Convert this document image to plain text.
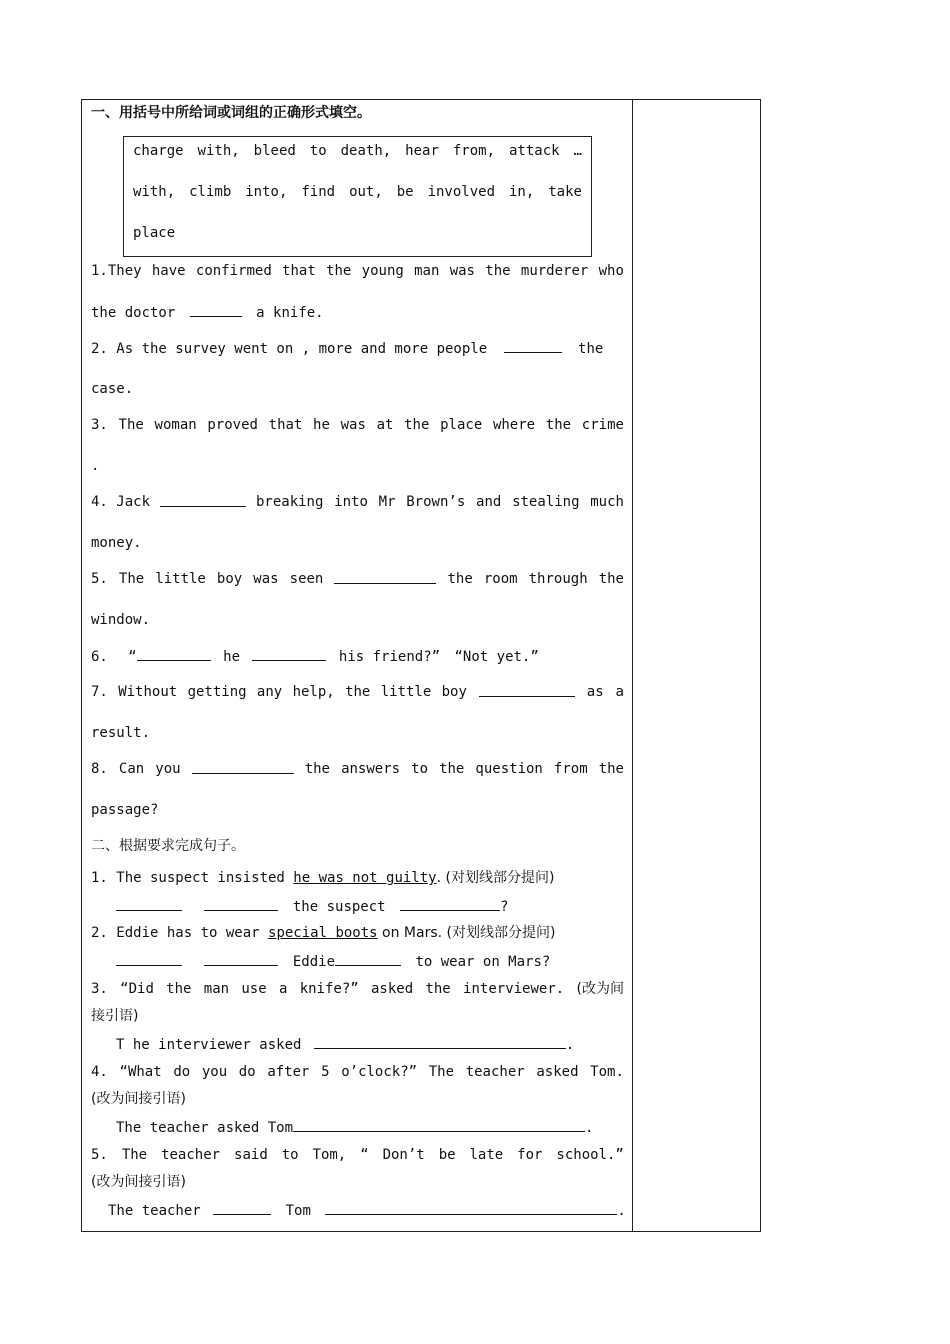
charge with, bleed to death, hear from, attack …
with, climb into, find out, be involved in, take
place
一、用括号中所给词或词组的正确形式填空。
1.They have confirmed that the young man was the murderer who
the doctor	a knife.
2. As the survey went on , more and more people	the
case.
3. The woman proved that he was at the place where the crime
.
4. Jack	breaking into Mr Brown’s and stealing much
money.
5. The little boy was seen	the room through the
window.
6. “	he	his friend?” “Not yet.”
7. Without getting any help, the little boy	as a
result.
8. Can you	the answers to the question from the
passage?
二、根据要求完成句子。
1. The suspect insisted he was not guilty. (对划线部分提问)
the suspect	?
2. Eddie has to wear special boots on Mars. (对划线部分提问)
Eddie	to wear on Mars?
3. “Did the man use a knife?” asked the interviewer. (改为间
接引语)
T he interviewer asked	.
4. “What do you do after 5 o’clock?” The teacher asked Tom.
(改为间接引语)
The teacher asked Tom	.
5. The teacher said to Tom, “ Don’t be late for school.”
(改为间接引语)
The teacher	Tom	.
